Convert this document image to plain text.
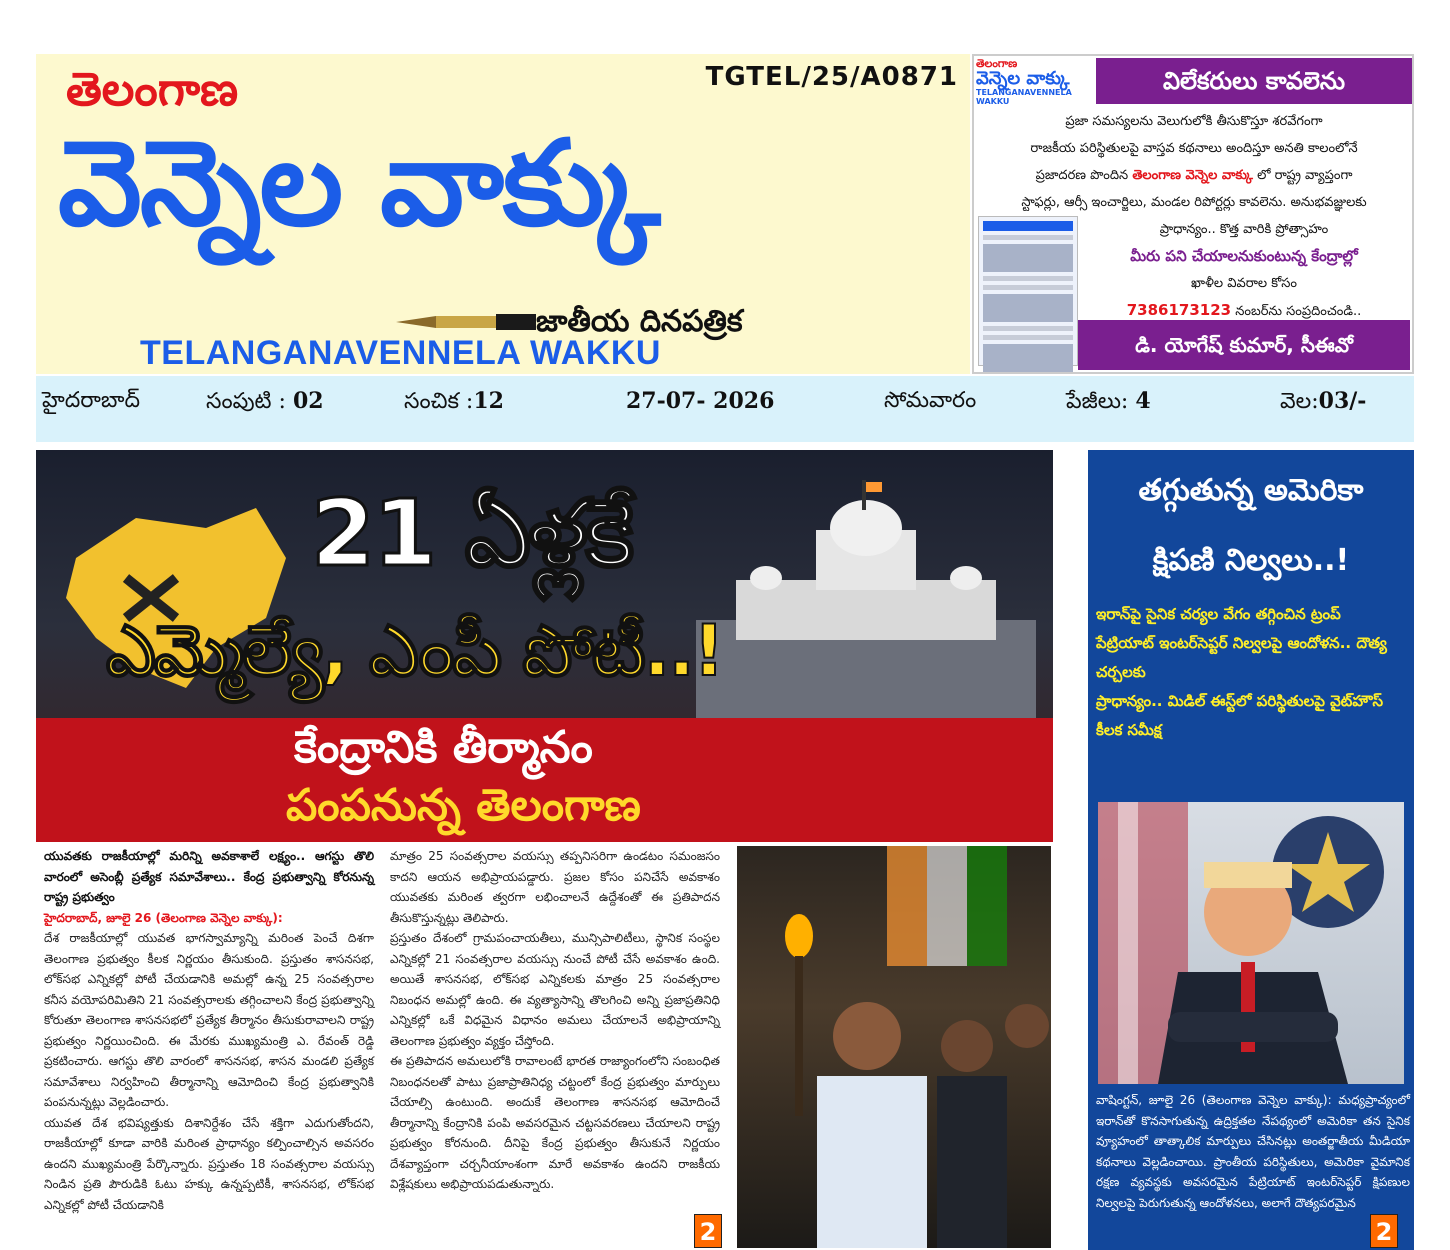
తెలంగాణ	TGTEL/25/A0871
వెన్నెల వాక్కు
జాతీయ దినపత్రిక
TELANGANAVENNELA WAKKU
తెలంగాణ
వెన్నెల వాక్కు
TELANGANAVENNELA WAKKU
విలేకరులు కావలెను
ప్రజా సమస్యలను వెలుగులోకి తీసుకొస్తూ శరవేగంగా
రాజకీయ పరిస్థితులపై వాస్తవ కథనాలు అందిస్తూ అనతి కాలంలోనే
ప్రజాదరణ పొందిన తెలంగాణ వెన్నెల వాక్కు లో రాష్ట్ర వ్యాప్తంగా
స్టాఫర్లు, ఆర్సీ ఇంచార్జిలు, మండల రిపోర్టర్లు కావలెను. అనుభవజ్ఞులకు
ప్రాధాన్యం.. కొత్త వారికి ప్రోత్సాహం
మీరు పని చేయాలనుకుంటున్న కేంద్రాల్లో
ఖాళీల వివరాల కోసం
7386173123 నంబర్‌ను సంప్రదించండి..
డి. యోగేష్ కుమార్, సీఈవో
హైదరాబాద్	సంపుటి : 02	సంచిక :12	27-07- 2026	సోమవారం	పేజీలు: 4	వెల:03/-
21 ఏళ్లకే
ఎమ్మెల్యే, ఎంపీ పోటీ..!
కేంద్రానికి తీర్మానం
పంపనున్న తెలంగాణ

యువతకు రాజకీయాల్లో మరిన్ని అవకాశాలే లక్ష్యం.. ఆగస్టు తొలి వారంలో అసెంబ్లీ ప్రత్యేక సమావేశాలు.. కేంద్ర ప్రభుత్వాన్ని కోరనున్న రాష్ట్ర ప్రభుత్వం

హైదరాబాద్, జూలై 26 (తెలంగాణ వెన్నెల వాక్కు):

దేశ రాజకీయాల్లో యువత భాగస్వామ్యాన్ని మరింత పెంచే దిశగా తెలంగాణ ప్రభుత్వం కీలక నిర్ణయం తీసుకుంది. ప్రస్తుతం శాసనసభ, లోక్‌సభ ఎన్నికల్లో పోటీ చేయడానికి అమల్లో ఉన్న 25 సంవత్సరాల కనీస వయోపరిమితిని 21 సంవత్సరాలకు తగ్గించాలని కేంద్ర ప్రభుత్వాన్ని కోరుతూ తెలంగాణ శాసనసభలో ప్రత్యేక తీర్మానం తీసుకురావాలని రాష్ట్ర ప్రభుత్వం నిర్ణయించింది. ఈ మేరకు ముఖ్యమంత్రి ఎ. రేవంత్ రెడ్డి ప్రకటించారు. ఆగస్టు తొలి వారంలో శాసనసభ, శాసన మండలి ప్రత్యేక సమావేశాలు నిర్వహించి తీర్మానాన్ని ఆమోదించి కేంద్ర ప్రభుత్వానికి పంపనున్నట్లు వెల్లడించారు.

యువత దేశ భవిష్యత్తుకు దిశానిర్దేశం చేసే శక్తిగా ఎదుగుతోందని, రాజకీయాల్లో కూడా వారికి మరింత ప్రాధాన్యం కల్పించాల్సిన అవసరం ఉందని ముఖ్యమంత్రి పేర్కొన్నారు. ప్రస్తుతం 18 సంవత్సరాల వయస్సు నిండిన ప్రతి పౌరుడికి ఓటు హక్కు ఉన్నప్పటికీ, శాసనసభ, లోక్‌సభ ఎన్నికల్లో పోటీ చేయడానికి

మాత్రం 25 సంవత్సరాల వయస్సు తప్పనిసరిగా ఉండటం సమంజసం కాదని ఆయన అభిప్రాయపడ్డారు. ప్రజల కోసం పనిచేసే అవకాశం యువతకు మరింత త్వరగా లభించాలనే ఉద్దేశంతో ఈ ప్రతిపాదన తీసుకొస్తున్నట్లు తెలిపారు.

ప్రస్తుతం దేశంలో గ్రామపంచాయతీలు, మున్సిపాలిటీలు, స్థానిక సంస్థల ఎన్నికల్లో 21 సంవత్సరాల వయస్సు నుంచే పోటీ చేసే అవకాశం ఉంది. అయితే శాసనసభ, లోక్‌సభ ఎన్నికలకు మాత్రం 25 సంవత్సరాల నిబంధన అమల్లో ఉంది. ఈ వ్యత్యాసాన్ని తొలగించి అన్ని ప్రజాప్రతినిధి ఎన్నికల్లో ఒకే విధమైన విధానం అమలు చేయాలనే అభిప్రాయాన్ని తెలంగాణ ప్రభుత్వం వ్యక్తం చేస్తోంది.

ఈ ప్రతిపాదన అమలులోకి రావాలంటే భారత రాజ్యాంగంలోని సంబంధిత నిబంధనలతో పాటు ప్రజాప్రాతినిధ్య చట్టంలో కేంద్ర ప్రభుత్వం మార్పులు చేయాల్సి ఉంటుంది. అందుకే తెలంగాణ శాసనసభ ఆమోదించే తీర్మానాన్ని కేంద్రానికి పంపి అవసరమైన చట్టసవరణలు చేయాలని రాష్ట్ర ప్రభుత్వం కోరనుంది. దీనిపై కేంద్ర ప్రభుత్వం తీసుకునే నిర్ణయం దేశవ్యాప్తంగా చర్చనీయాంశంగా మారే అవకాశం ఉందని రాజకీయ విశ్లేషకులు అభిప్రాయపడుతున్నారు.

2
తగ్గుతున్న అమెరికా
క్షిపణి నిల్వలు..!
ఇరాన్‌పై సైనిక చర్యల వేగం తగ్గించిన ట్రంప్
పేట్రియాట్ ఇంటర్‌సెప్టర్ నిల్వలపై ఆందోళన.. దౌత్య చర్చలకు
ప్రాధాన్యం.. మిడిల్ ఈస్ట్‌లో పరిస్థితులపై వైట్‌హౌస్ కీలక సమీక్ష
వాషింగ్టన్, జూలై 26 (తెలంగాణ వెన్నెల వాక్కు): మధ్యప్రాచ్యంలో ఇరాన్‌తో కొనసాగుతున్న ఉద్రిక్తతల నేపథ్యంలో అమెరికా తన సైనిక వ్యూహంలో తాత్కాలిక మార్పులు చేసినట్లు అంతర్జాతీయ మీడియా కథనాలు వెల్లడించాయి. ప్రాంతీయ పరిస్థితులు, అమెరికా వైమానిక రక్షణ వ్యవస్థకు అవసరమైన పేట్రియాట్ ఇంటర్‌సెప్టర్ క్షిపణుల నిల్వలపై పెరుగుతున్న ఆందోళనలు, అలాగే దౌత్యపరమైన
2
